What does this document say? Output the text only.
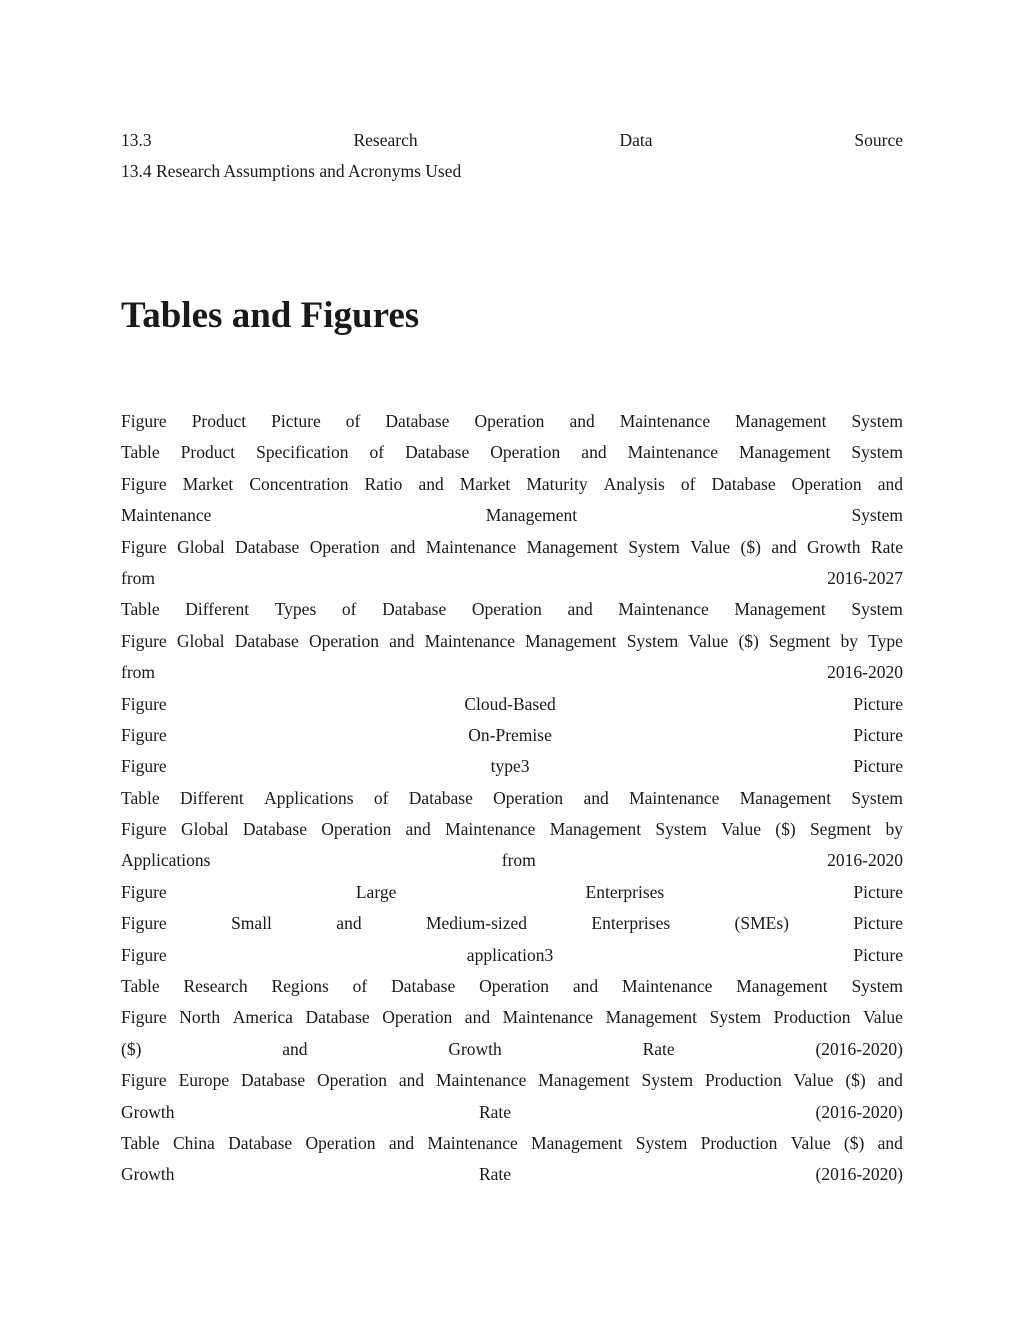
13.3	Research	Data	Source
13.4 Research Assumptions and Acronyms Used
Figure Product Picture of Database Operation and Maintenance Management System
Table Product Specification of Database Operation and Maintenance Management System
Figure Market Concentration Ratio and Market Maturity Analysis of Database Operation and
Maintenance	Management	System
Figure Global Database Operation and Maintenance Management System Value ($) and Growth Rate
from	2016-2027
Table Different Types of Database Operation and Maintenance Management System
Figure Global Database Operation and Maintenance Management System Value ($) Segment by Type
from	2016-2020
Figure	Cloud-Based	Picture
Figure	On-Premise	Picture
Figure	type3	Picture
Table Different Applications of Database Operation and Maintenance Management System
Figure Global Database Operation and Maintenance Management System Value ($) Segment by
Applications	from	2016-2020
Figure	Large	Enterprises	Picture
Figure	Small	and	Medium-sized	Enterprises	(SMEs)	Picture
Figure	application3	Picture
Table Research Regions of Database Operation and Maintenance Management System
Figure North America Database Operation and Maintenance Management System Production Value
($)	and	Growth	Rate	(2016-2020)
Figure Europe Database Operation and Maintenance Management System Production Value ($) and
Growth	Rate	(2016-2020)
Table China Database Operation and Maintenance Management System Production Value ($) and
Growth	Rate	(2016-2020)
Tables and Figures
